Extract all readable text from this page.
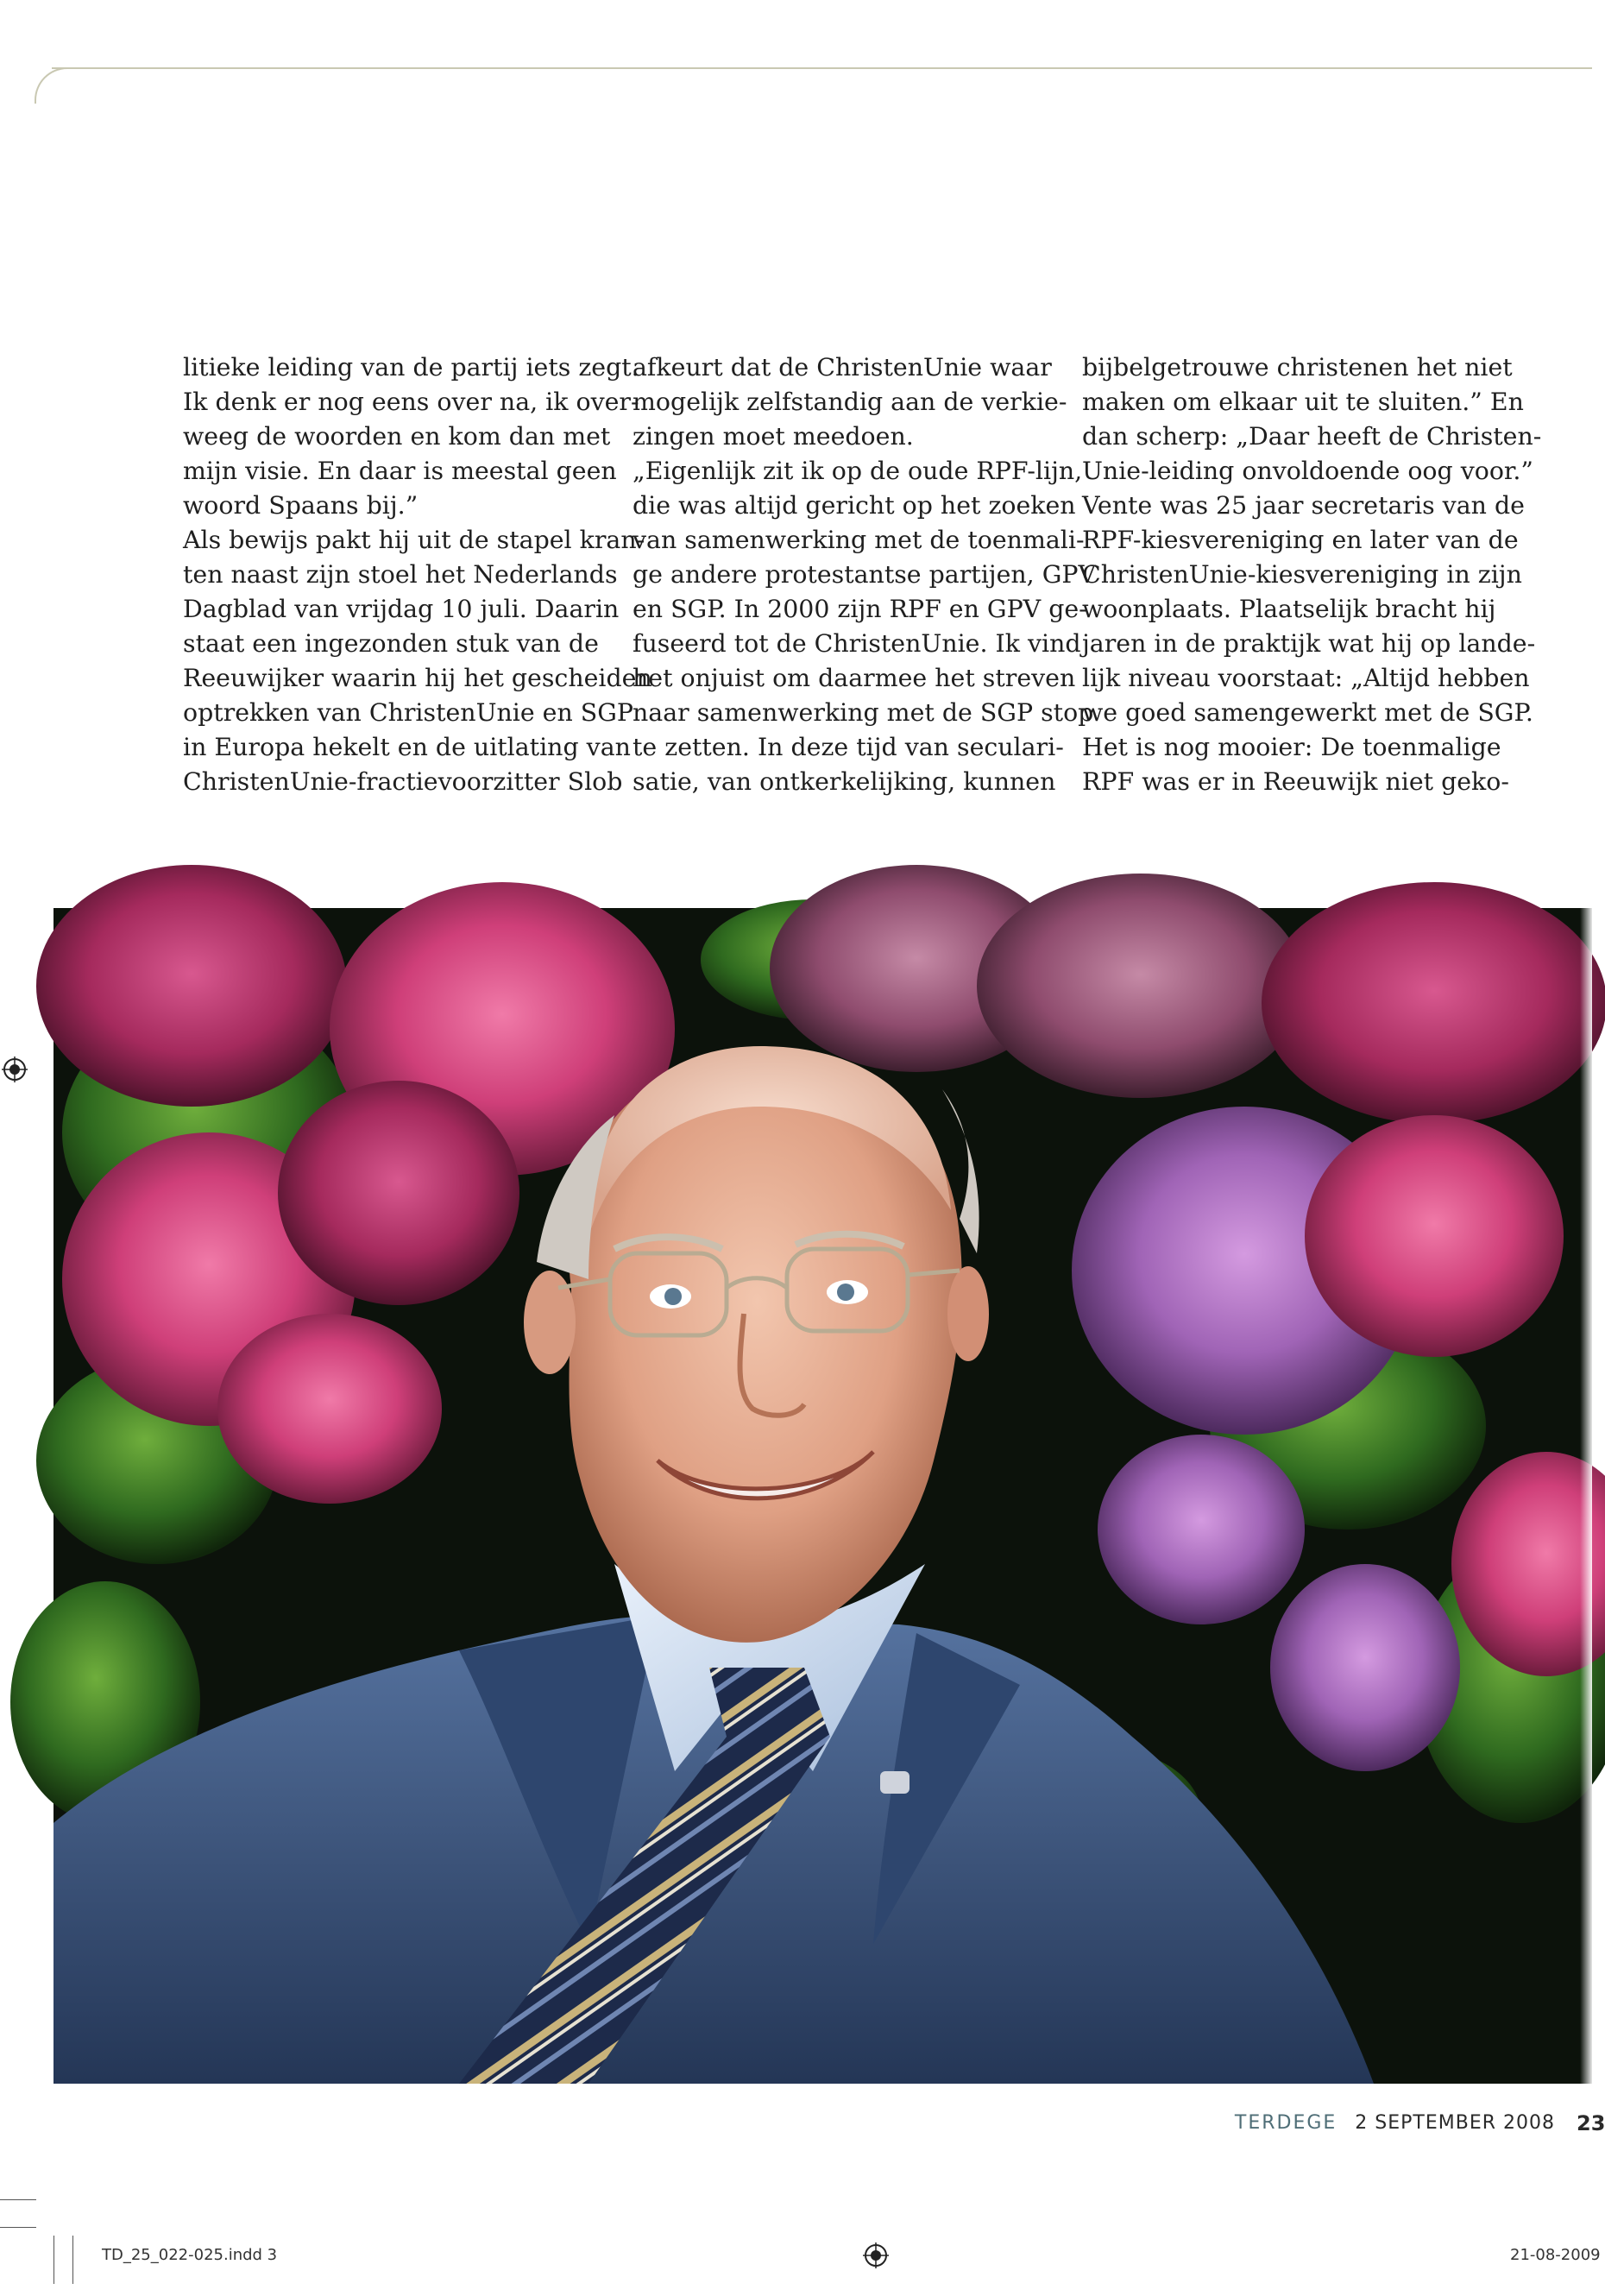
litieke leiding van de partij iets zegt.
Ik denk er nog eens over na, ik over-
weeg de woorden en kom dan met
mijn visie. En daar is meestal geen
woord Spaans bij.”
Als bewijs pakt hij uit de stapel kran-
ten naast zijn stoel het Nederlands
Dagblad van vrijdag 10 juli. Daarin
staat een ingezonden stuk van de
Reeuwijker waarin hij het gescheiden
optrekken van ChristenUnie en SGP
in Europa hekelt en de uitlating van
ChristenUnie-fractievoorzitter Slob
afkeurt dat de ChristenUnie waar
mogelijk zelfstandig aan de verkie-
zingen moet meedoen.
„Eigenlijk zit ik op de oude RPF-lijn,
die was altijd gericht op het zoeken
van samenwerking met de toenmali-
ge andere protestantse partijen, GPV
en SGP. In 2000 zijn RPF en GPV ge-
fuseerd tot de ChristenUnie. Ik vind
het onjuist om daarmee het streven
naar samenwerking met de SGP stop
te zetten. In deze tijd van seculari-
satie, van ontkerkelijking, kunnen
bijbelgetrouwe christenen het niet
maken om elkaar uit te sluiten.” En
dan scherp: „Daar heeft de Christen-
Unie-leiding onvoldoende oog voor.”
Vente was 25 jaar secretaris van de
RPF-kiesvereniging en later van de
ChristenUnie-kiesvereniging in zijn
woonplaats. Plaatselijk bracht hij
jaren in de praktijk wat hij op lande-
lijk niveau voorstaat: „Altijd hebben
we goed samengewerkt met de SGP.
Het is nog mooier: De toenmalige
RPF was er in Reeuwijk niet geko-
TERDEGE 2 SEPTEMBER 2008 23
TD_25_022-025.indd 3	21-08-2009
